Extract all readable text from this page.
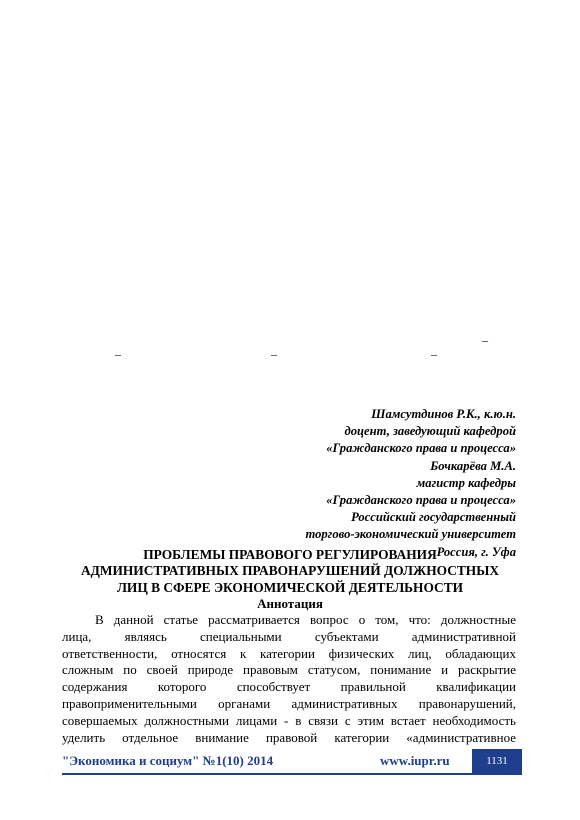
–
–	–	–
Шамсутдинов Р.К., к.ю.н.
доцент, заведующий кафедрой
«Гражданского права и процесса»
Бочкарёва М.А.
магистр кафедры
«Гражданского права и процесса»
Российский государственный
торгово-экономический университет
Россия, г. Уфа
ПРОБЛЕМЫ ПРАВОВОГО РЕГУЛИРОВАНИЯ
АДМИНИСТРАТИВНЫХ ПРАВОНАРУШЕНИЙ ДОЛЖНОСТНЫХ
ЛИЦ В СФЕРЕ ЭКОНОМИЧЕСКОЙ ДЕЯТЕЛЬНОСТИ
Аннотация
В данной статье рассматривается вопрос о том, что: должностные
лица, являясь специальными субъектами административной
ответственности, относятся к категории физических лиц, обладающих
сложным по своей природе правовым статусом, понимание и раскрытие
содержания которого способствует правильной квалификации
правоприменительными органами административных правонарушений,
совершаемых должностными лицами - в связи с этим встает необходимость
уделить отдельное внимание правовой категории «административное
"Экономика и социум" №1(10) 2014	www.iupr.ru	1131
